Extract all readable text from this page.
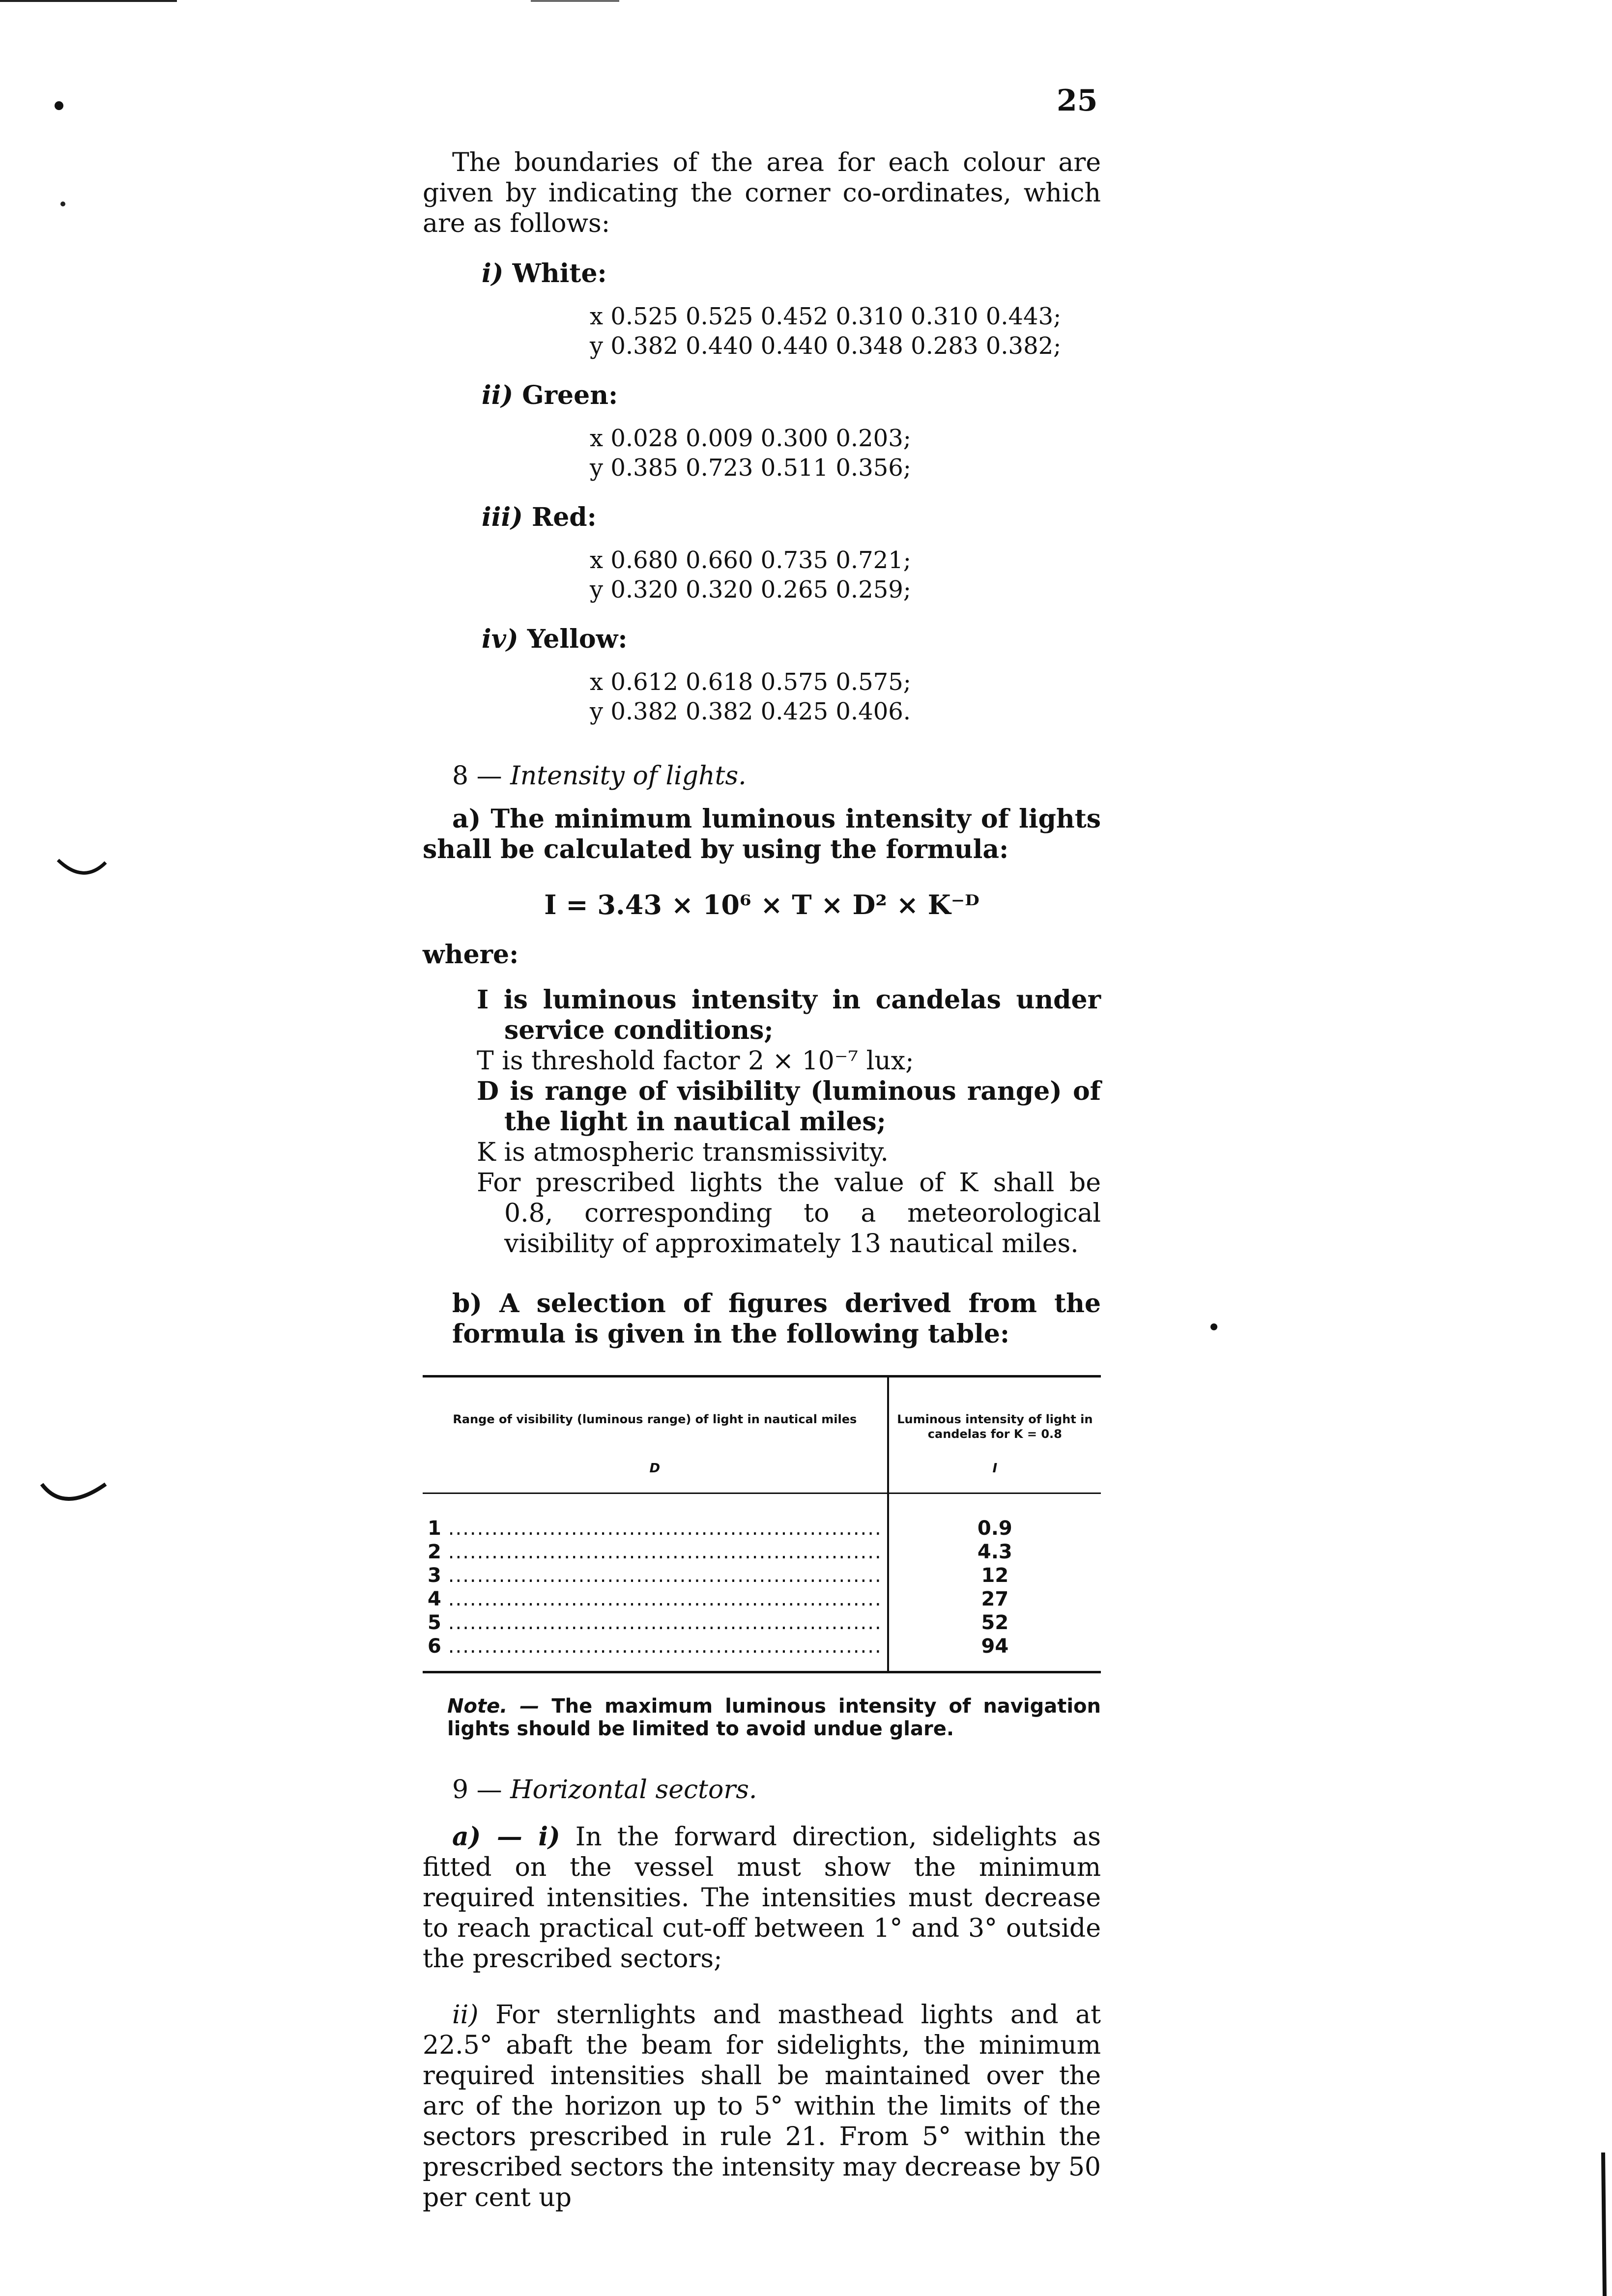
25

The boundaries of the area for each colour are given by indicating the corner co-ordinates, which are as follows:

i) White:
x 0.525 0.525 0.452 0.310 0.310 0.443;
y 0.382 0.440 0.440 0.348 0.283 0.382;
ii) Green:
x 0.028 0.009 0.300 0.203;
y 0.385 0.723 0.511 0.356;
iii) Red:
x 0.680 0.660 0.735 0.721;
y 0.320 0.320 0.265 0.259;
iv) Yellow:
x 0.612 0.618 0.575 0.575;
y 0.382 0.382 0.425 0.406.
8 — Intensity of lights.

a) The minimum luminous intensity of lights shall be calculated by using the formula:

I = 3.43 × 10⁶ × T × D² × K⁻ᴰ
where:
I is luminous intensity in candelas under service conditions;
T is threshold factor 2 × 10⁻⁷ lux;
D is range of visibility (luminous range) of the light in nautical miles;
K is atmospheric transmissivity.
For prescribed lights the value of K shall be 0.8, corresponding to a meteorological visibility of approximately 13 nautical miles.

b) A selection of figures derived from the formula is given in the following table:

Range of visibility (luminous range) of light in nautical miles	Luminous intensity of light in candelas for K = 0.8
D	I
1 ............................................................	0.9
2 ............................................................	4.3
3 ............................................................	12
4 ............................................................	27
5 ............................................................	52
6 ............................................................	94
Note. — The maximum luminous intensity of navigation lights should be limited to avoid undue glare.
9 — Horizontal sectors.

a) — i) In the forward direction, sidelights as fitted on the vessel must show the minimum required intensities. The intensities must decrease to reach practical cut-off between 1° and 3° outside the prescribed sectors;

ii) For sternlights and masthead lights and at 22.5° abaft the beam for sidelights, the minimum required intensities shall be maintained over the arc of the horizon up to 5° within the limits of the sectors prescribed in rule 21. From 5° within the prescribed sectors the intensity may decrease by 50 per cent up
